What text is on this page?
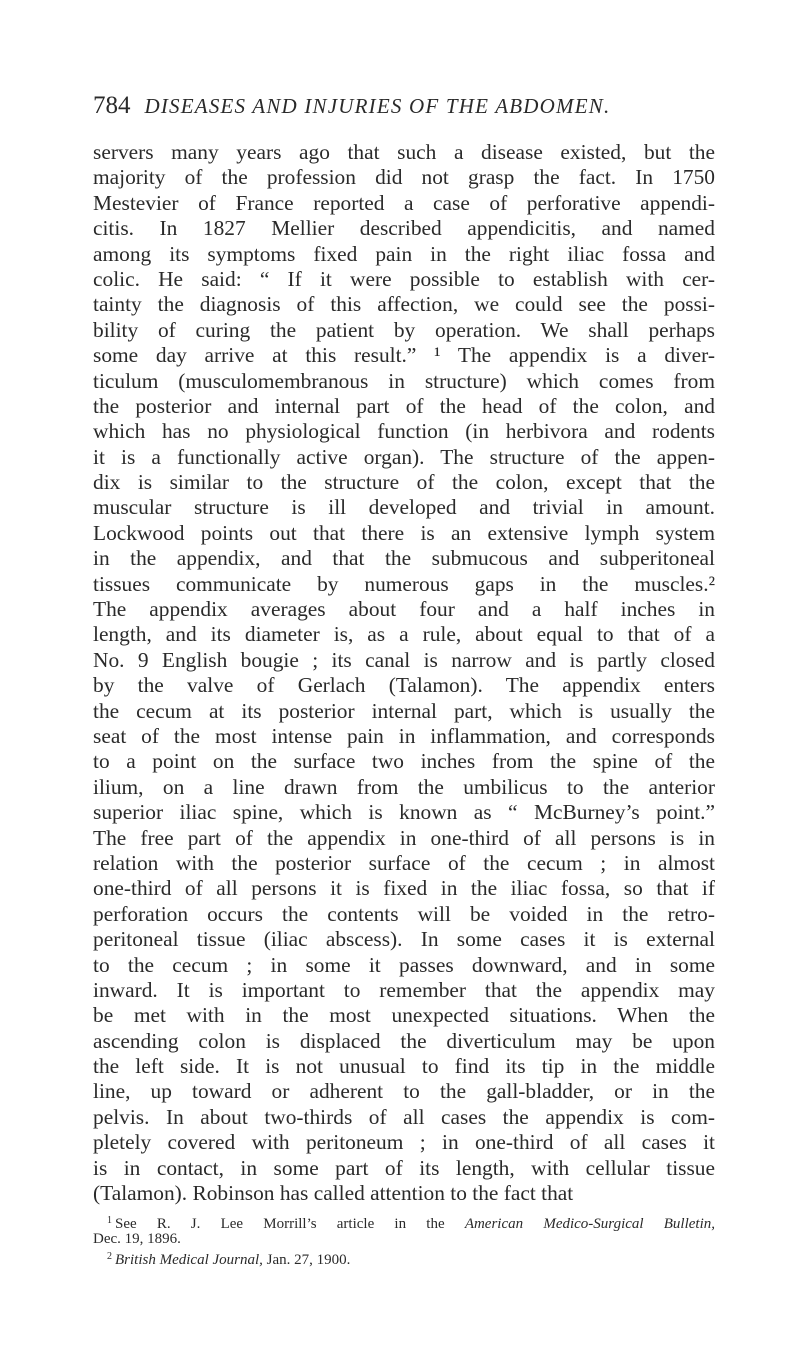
784 DISEASES AND INJURIES OF THE ABDOMEN.
servers many years ago that such a disease existed, but the
majority of the profession did not grasp the fact. In 1750
Mestevier of France reported a case of perforative appendi-
citis. In 1827 Mellier described appendicitis, and named
among its symptoms fixed pain in the right iliac fossa and
colic. He said: “ If it were possible to establish with cer-
tainty the diagnosis of this affection, we could see the possi-
bility of curing the patient by operation. We shall perhaps
some day arrive at this result.” ¹ The appendix is a diver-
ticulum (musculomembranous in structure) which comes from
the posterior and internal part of the head of the colon, and
which has no physiological function (in herbivora and rodents
it is a functionally active organ). The structure of the appen-
dix is similar to the structure of the colon, except that the
muscular structure is ill developed and trivial in amount.
Lockwood points out that there is an extensive lymph system
in the appendix, and that the submucous and subperitoneal
tissues communicate by numerous gaps in the muscles.²
The appendix averages about four and a half inches in
length, and its diameter is, as a rule, about equal to that of a
No. 9 English bougie ; its canal is narrow and is partly closed
by the valve of Gerlach (Talamon). The appendix enters
the cecum at its posterior internal part, which is usually the
seat of the most intense pain in inflammation, and corresponds
to a point on the surface two inches from the spine of the
ilium, on a line drawn from the umbilicus to the anterior
superior iliac spine, which is known as “ McBurney’s point.”
The free part of the appendix in one-third of all persons is in
relation with the posterior surface of the cecum ; in almost
one-third of all persons it is fixed in the iliac fossa, so that if
perforation occurs the contents will be voided in the retro-
peritoneal tissue (iliac abscess). In some cases it is external
to the cecum ; in some it passes downward, and in some
inward. It is important to remember that the appendix may
be met with in the most unexpected situations. When the
ascending colon is displaced the diverticulum may be upon
the left side. It is not unusual to find its tip in the middle
line, up toward or adherent to the gall-bladder, or in the
pelvis. In about two-thirds of all cases the appendix is com-
pletely covered with peritoneum ; in one-third of all cases it
is in contact, in some part of its length, with cellular tissue
(Talamon). Robinson has called attention to the fact that
$^1$ See R. J. Lee Morrill’s article in the American Medico-Surgical Bulletin,
Dec. 19, 1896.
$^2$ British Medical Journal, Jan. 27, 1900.
